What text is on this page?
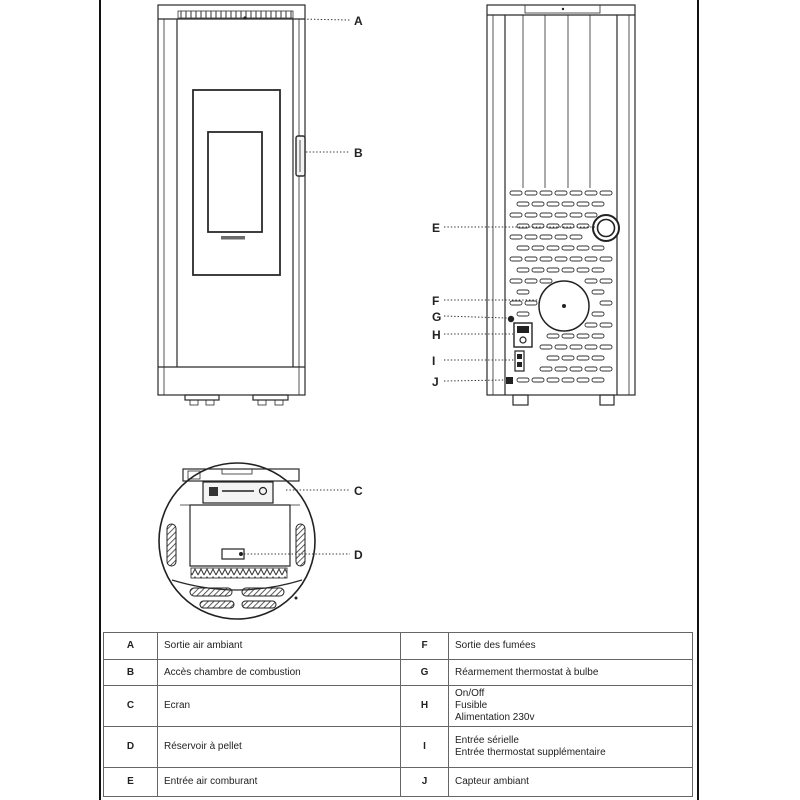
A
B
E
F
G
H
I
J
C
D
A	Sortie air ambiant	F	Sortie des fumées

B	Accès chambre de combustion	G	Réarmement thermostat à bulbe

C	Ecran	H	On/Off
Fusible
Alimentation 230v

D	Réservoir à pellet	I	Entrée sérielle
Entrée thermostat supplémentaire

E	Entrée air comburant	J	Capteur ambiant
